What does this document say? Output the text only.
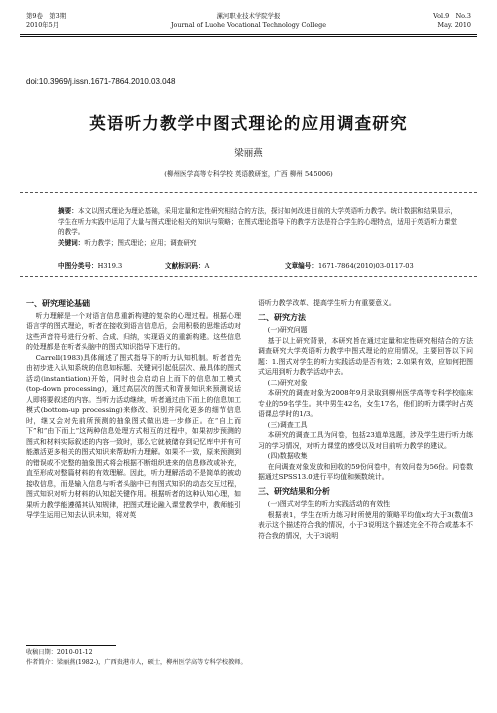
第9卷　第3期
2010年5月
漯河职业技术学院学报
Journal of Luohe Vocational Technology College
Vol.9　No.3
May. 2010
doi:10.3969/j.issn.1671-7864.2010.03.048
英语听力教学中图式理论的应用调查研究
梁丽燕
(柳州医学高等专科学校 英语教研室，广西 柳州 545006)
摘要：本文以图式理论为理论基础，采用定量和定性研究相结合的方法，探讨如何改进目前的大学英语听力教学。统计数据和结果显示，学生在听力实践中运用了大量与图式理论相关的知识与策略；在图式理论指导下的教学方法是符合学生的心理特点，适用于英语听力课堂的教学。
关键词：听力教学；图式理论；应用；调查研究
中图分类号：H319.3	文献标识码：A	文章编号：1671-7864(2010)03-0117-03
一、研究理论基础

听力理解是一个对语言信息重新构建的复杂的心理过程。根据心理语言学的图式理论，听者在接收到语言信息后，会用积极的思维活动对这些声音符号进行分析、合成、归纳，实现语义的重新构建。这些信息的处理都是在听者头脑中的图式知识指导下进行的。

Carrell(1983)具体阐述了图式指导下的听力认知机制。听者首先由初步进入认知系统的信息如标题、关键词引起低层次、最具体的图式活动(instantiation)开始，同时也会启动自上而下的信息加工模式(top-down processing)，通过高层次的图式和背景知识来预测说话人即将要叙述的内容。当听力活动继续，听者通过由下而上的信息加工模式(bottom-up processing)来修改、识别并同化更多的细节信息时，继又会对先前所预测的抽象图式做出进一步修正。在“自上而下”和“由下而上”这两种信息处理方式相互的过程中，如果初步预测的图式和材料实际叙述的内容一致时，那么它就被储存到记忆库中并有可能激活更多相关的图式知识来帮助听力理解。如果不一致，原来预测到的错误或不完整的抽象图式将会根据不断组织进来的信息修改或补充，直至形成对整篇材料的有效理解。因此，听力理解活动不是简单的被动接收信息，而是输入信息与听者头脑中已有图式知识的动态交互过程，图式知识对听力材料的认知起关键作用。根据听者的这种认知心理，如果听力教学能遵循其认知规律，把图式理论融入课堂教学中，教师能引导学生运用已知去认识未知，将对英

语听力教学改革、提高学生听力有重要意义。

二、研究方法
(一)研究问题

基于以上研究背景，本研究旨在通过定量和定性研究相结合的方法调查研究大学英语听力教学中图式理论的应用情况，主要回答以下问题：1.图式对学生的听力实践活动是否有效；2.如果有效，应如何把图式运用到听力教学活动中去。

(二)研究对象

本研究的调查对象为2008年9月录取到柳州医学高等专科学校临床专业的59名学生。其中男生42名，女生17名，他们的听力课学时占英语课总学时的1/3。

(三)调查工具

本研究的调查工具为问卷，包括23道单选题，涉及学生进行听力练习的学习情况，对听力课堂的感受以及对目前听力教学的建议。

(四)数据收集

在问调查对象发放和回收的59份问卷中，有效问卷为56份。问卷数据通过SPSS13.0进行平均值和频数统计。

三、研究结果和分析
(一)图式对学生的听力实践活动的有效性

根据表1，学生在听力练习时所使用的策略平均值x均大于3(数值3表示这个描述符合我的情况，小于3说明这个描述完全不符合或基本不符合我的情况，大于3说明

收稿日期：2010-01-12
作者简介：梁丽燕(1982-)，广西贵港市人，硕士，柳州医学高等专科学校教师。
